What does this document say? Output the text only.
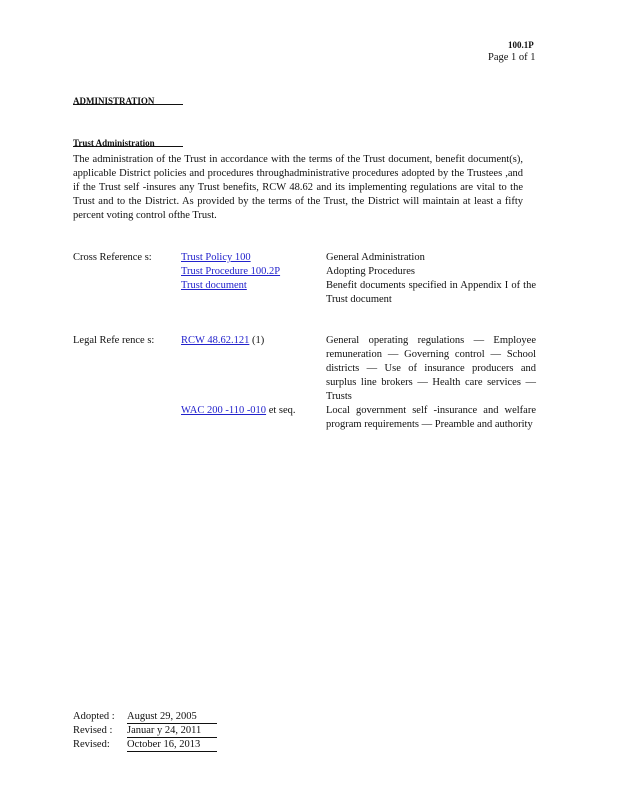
100.1P
Page 1 of 1
ADMINISTRATION
Trust Administration

The administration of the Trust in accordance with the terms of the Trust document, benefit document(s), applicable District policies and procedures throughadministrative procedures adopted by the Trustees ,and if the Trust self -insures any Trust benefits, RCW 48.62 and its implementing regulations are vital to the Trust and to the District. As provided by the terms of the Trust, the District will maintain at least a fifty percent voting control ofthe Trust.

Cross Reference s:	Trust Policy 100	General Administration

Trust Procedure 100.2P	Adopting Procedures

Trust document	Benefit documents specified in Appendix I of the Trust document

Legal Refe rence s:	RCW 48.62.121 (1)	General operating regulations — Employee remuneration — Governing control — School districts — Use of insurance producers and surplus line brokers — Health care services — Trusts

WAC 200 -110 -010 et seq.	Local government self -insurance and welfare program requirements — Preamble and authority

Adopted : August 29, 2005
Revised : Januar y 24, 2011
Revised: October 16, 2013
